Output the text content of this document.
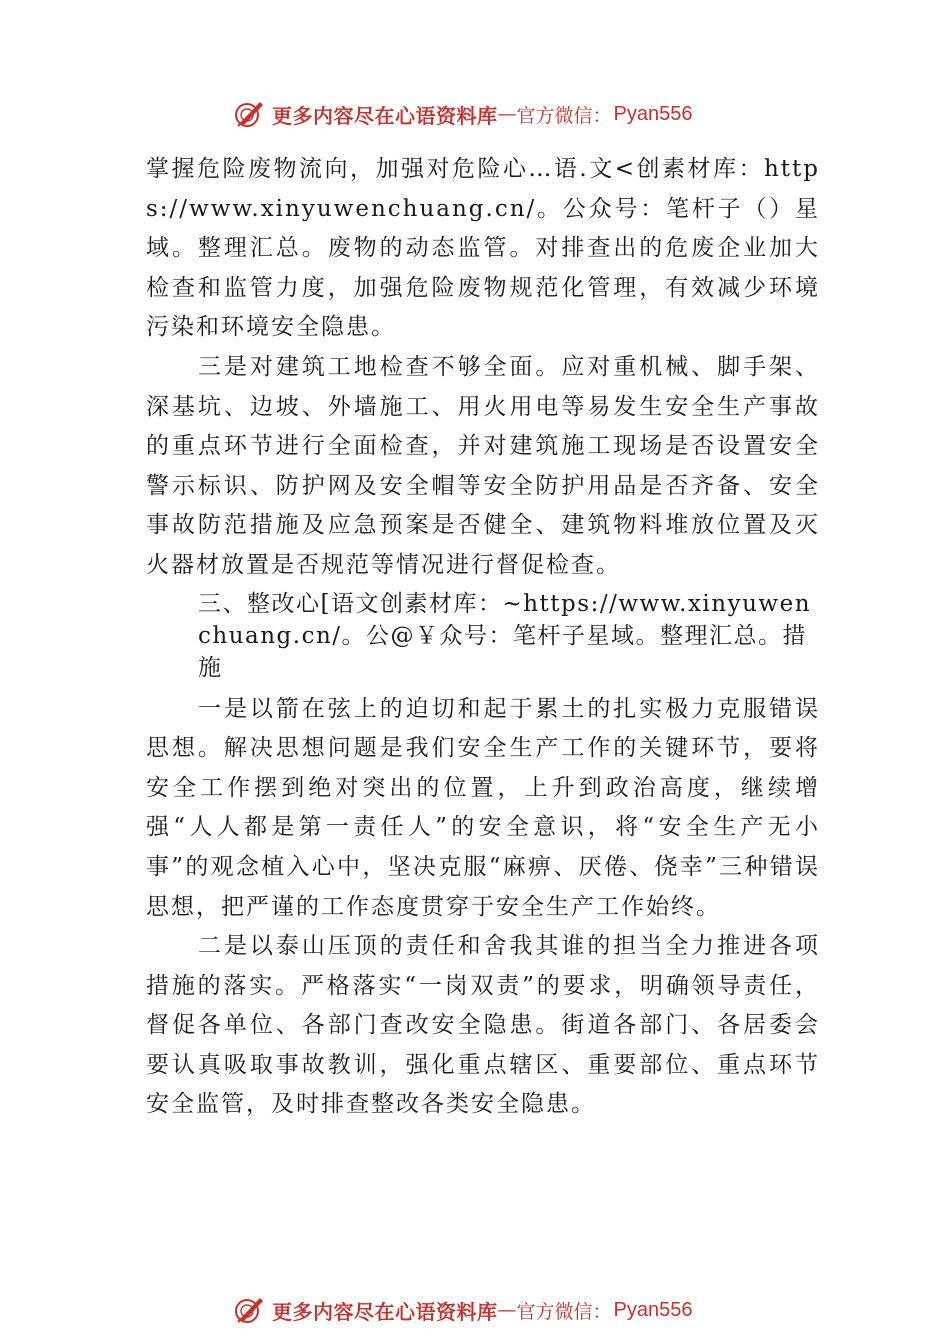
更多内容尽在心语资料库 — 官方微信： Pyan556

掌握危险废物流向，加强对危险心…语.文<创素材库：https://www.xinyuwenchuang.cn/。公众号：笔杆子（）星域。整理汇总。废物的动态监管。对排查出的危废企业加大检查和监管力度，加强危险废物规范化管理，有效减少环境污染和环境安全隐患。

三是对建筑工地检查不够全面。应对重机械、脚手架、深基坑、边坡、外墙施工、用火用电等易发生安全生产事故的重点环节进行全面检查，并对建筑施工现场是否设置安全警示标识、防护网及安全帽等安全防护用品是否齐备、安全事故防范措施及应急预案是否健全、建筑物料堆放位置及灭火器材放置是否规范等情况进行督促检查。

三、整改心[语文创素材库：~https://www.xinyuwenchuang.cn/。公@￥众号：笔杆子星域。整理汇总。措施

一是以箭在弦上的迫切和起于累土的扎实极力克服错误思想。解决思想问题是我们安全生产工作的关键环节，要将安全工作摆到绝对突出的位置，上升到政治高度，继续增强“人人都是第一责任人”的安全意识，将“安全生产无小事”的观念植入心中，坚决克服“麻痹、厌倦、侥幸”三种错误思想，把严谨的工作态度贯穿于安全生产工作始终。

二是以泰山压顶的责任和舍我其谁的担当全力推进各项措施的落实。严格落实“一岗双责”的要求，明确领导责任，督促各单位、各部门查改安全隐患。街道各部门、各居委会要认真吸取事故教训，强化重点辖区、重要部位、重点环节安全监管，及时排查整改各类安全隐患。

更多内容尽在心语资料库 — 官方微信： Pyan556
